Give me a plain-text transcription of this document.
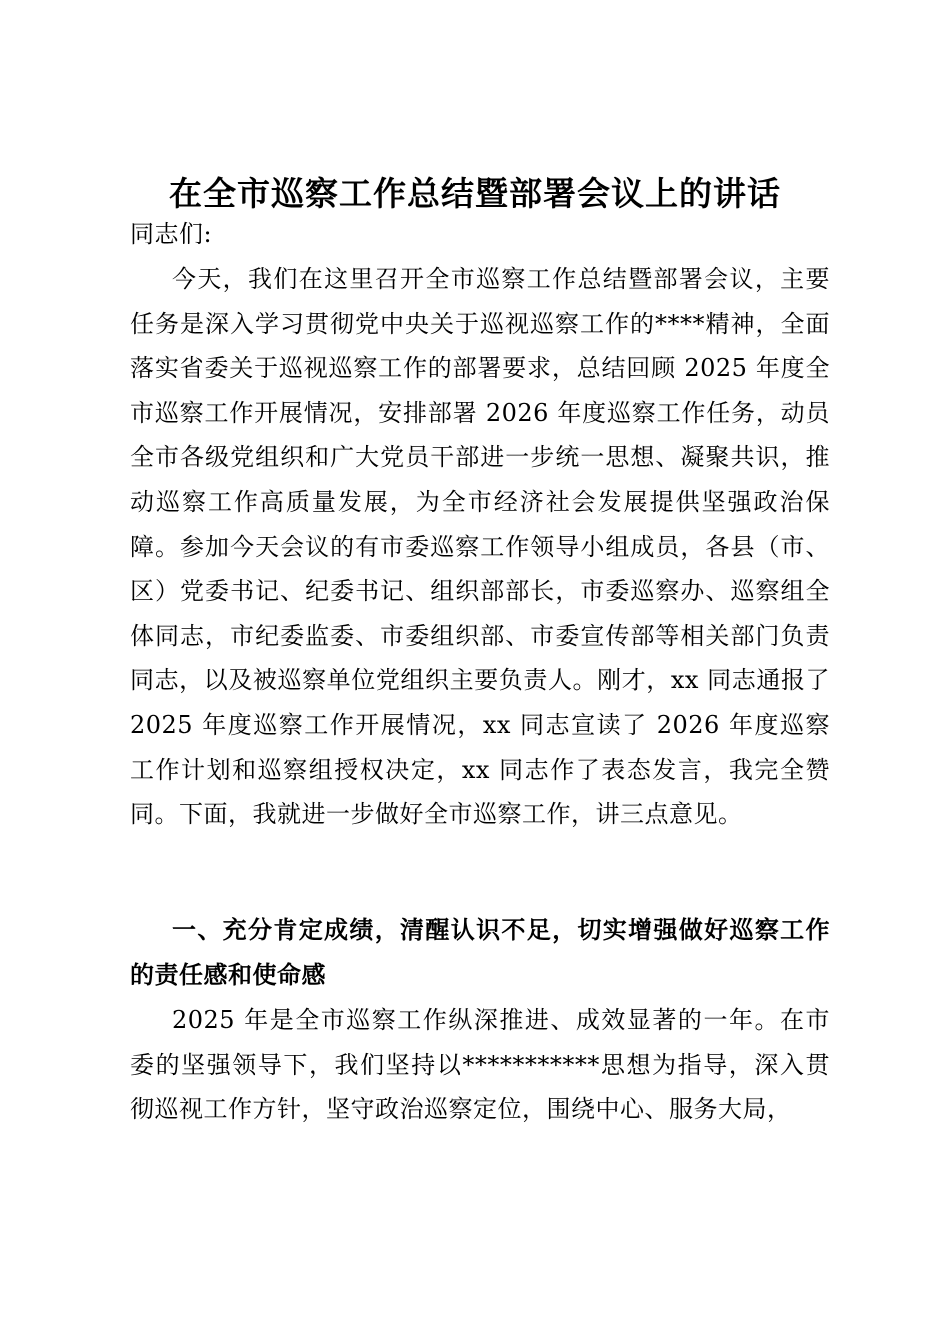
在全市巡察工作总结暨部署会议上的讲话
同志们:
今天，我们在这里召开全市巡察工作总结暨部署会议，主要任务是深入学习贯彻党中央关于巡视巡察工作的****精神，全面落实省委关于巡视巡察工作的部署要求，总结回顾 2025 年度全市巡察工作开展情况，安排部署 2026 年度巡察工作任务，动员全市各级党组织和广大党员干部进一步统一思想、凝聚共识，推动巡察工作高质量发展，为全市经济社会发展提供坚强政治保障。参加今天会议的有市委巡察工作领导小组成员，各县（市、区）党委书记、纪委书记、组织部部长，市委巡察办、巡察组全体同志，市纪委监委、市委组织部、市委宣传部等相关部门负责同志，以及被巡察单位党组织主要负责人。刚才，xx 同志通报了 2025 年度巡察工作开展情况，xx 同志宣读了 2026 年度巡察工作计划和巡察组授权决定，xx 同志作了表态发言，我完全赞同。下面，我就进一步做好全市巡察工作，讲三点意见。
一、充分肯定成绩，清醒认识不足，切实增强做好巡察工作的责任感和使命感
2025 年是全市巡察工作纵深推进、成效显著的一年。在市委的坚强领导下，我们坚持以***********思想为指导，深入贯彻巡视工作方针，坚守政治巡察定位，围绕中心、服务大局，
